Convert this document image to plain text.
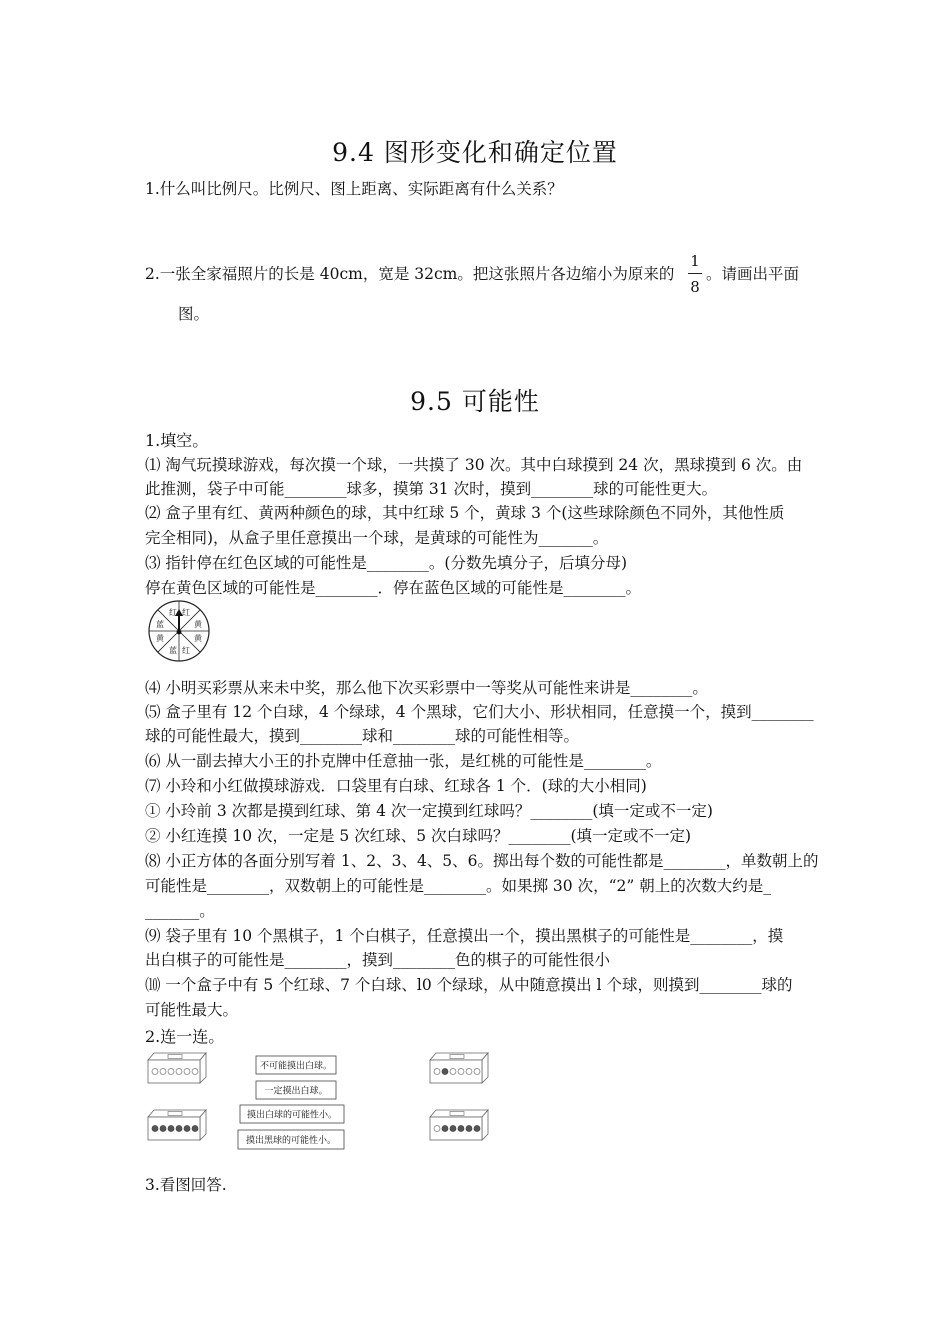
9.4 图形变化和确定位置
1.什么叫比例尺。比例尺、图上距离、实际距离有什么关系？
2.一张全家福照片的长是 40cm，宽是 32cm。把这张照片各边缩小为原来的
1
8
。请画出平面
图。
9.5 可能性
1.填空。
⑴ 淘气玩摸球游戏，每次摸一个球，一共摸了 30 次。其中白球摸到 24 次，黑球摸到 6 次。由
此推测，袋子中可能________球多，摸第 31 次时，摸到________球的可能性更大。
⑵ 盒子里有红、黄两种颜色的球，其中红球 5 个，黄球 3 个(这些球除颜色不同外，其他性质
完全相同)，从盒子里任意摸出一个球，是黄球的可能性为_______。
⑶ 指针停在红色区域的可能性是________。(分数先填分子，后填分母)
停在黄色区域的可能性是________．停在蓝色区域的可能性是________。
红 红
黄
黄
红
蓝
黄
蓝
⑷ 小明买彩票从来未中奖，那么他下次买彩票中一等奖从可能性来讲是________。
⑸ 盒子里有 12 个白球，4 个绿球，4 个黑球，它们大小、形状相同，任意摸一个，摸到________
球的可能性最大，摸到________球和________球的可能性相等。
⑹ 从一副去掉大小王的扑克牌中任意抽一张，是红桃的可能性是________。
⑺ 小玲和小红做摸球游戏．口袋里有白球、红球各 1 个．(球的大小相同)
① 小玲前 3 次都是摸到红球、第 4 次一定摸到红球吗？________(填一定或不一定)
② 小红连摸 10 次，一定是 5 次红球、5 次白球吗？________(填一定或不一定)
⑻ 小正方体的各面分别写着 1、2、3、4、5、6。掷出每个数的可能性都是________，单数朝上的
可能性是________，双数朝上的可能性是________。如果掷 30 次，“2” 朝上的次数大约是_
_______。
⑼ 袋子里有 10 个黑棋子，1 个白棋子，任意摸出一个，摸出黑棋子的可能性是________，摸
出白棋子的可能性是________，摸到________色的棋子的可能性很小
⑽ 一个盒子中有 5 个红球、7 个白球、l0 个绿球，从中随意摸出 l 个球，则摸到________球的
可能性最大。
2.连一连。
不可能摸出白球。
一定摸出白球。
摸出白球的可能性小。
摸出黑球的可能性小。
3.看图回答.
